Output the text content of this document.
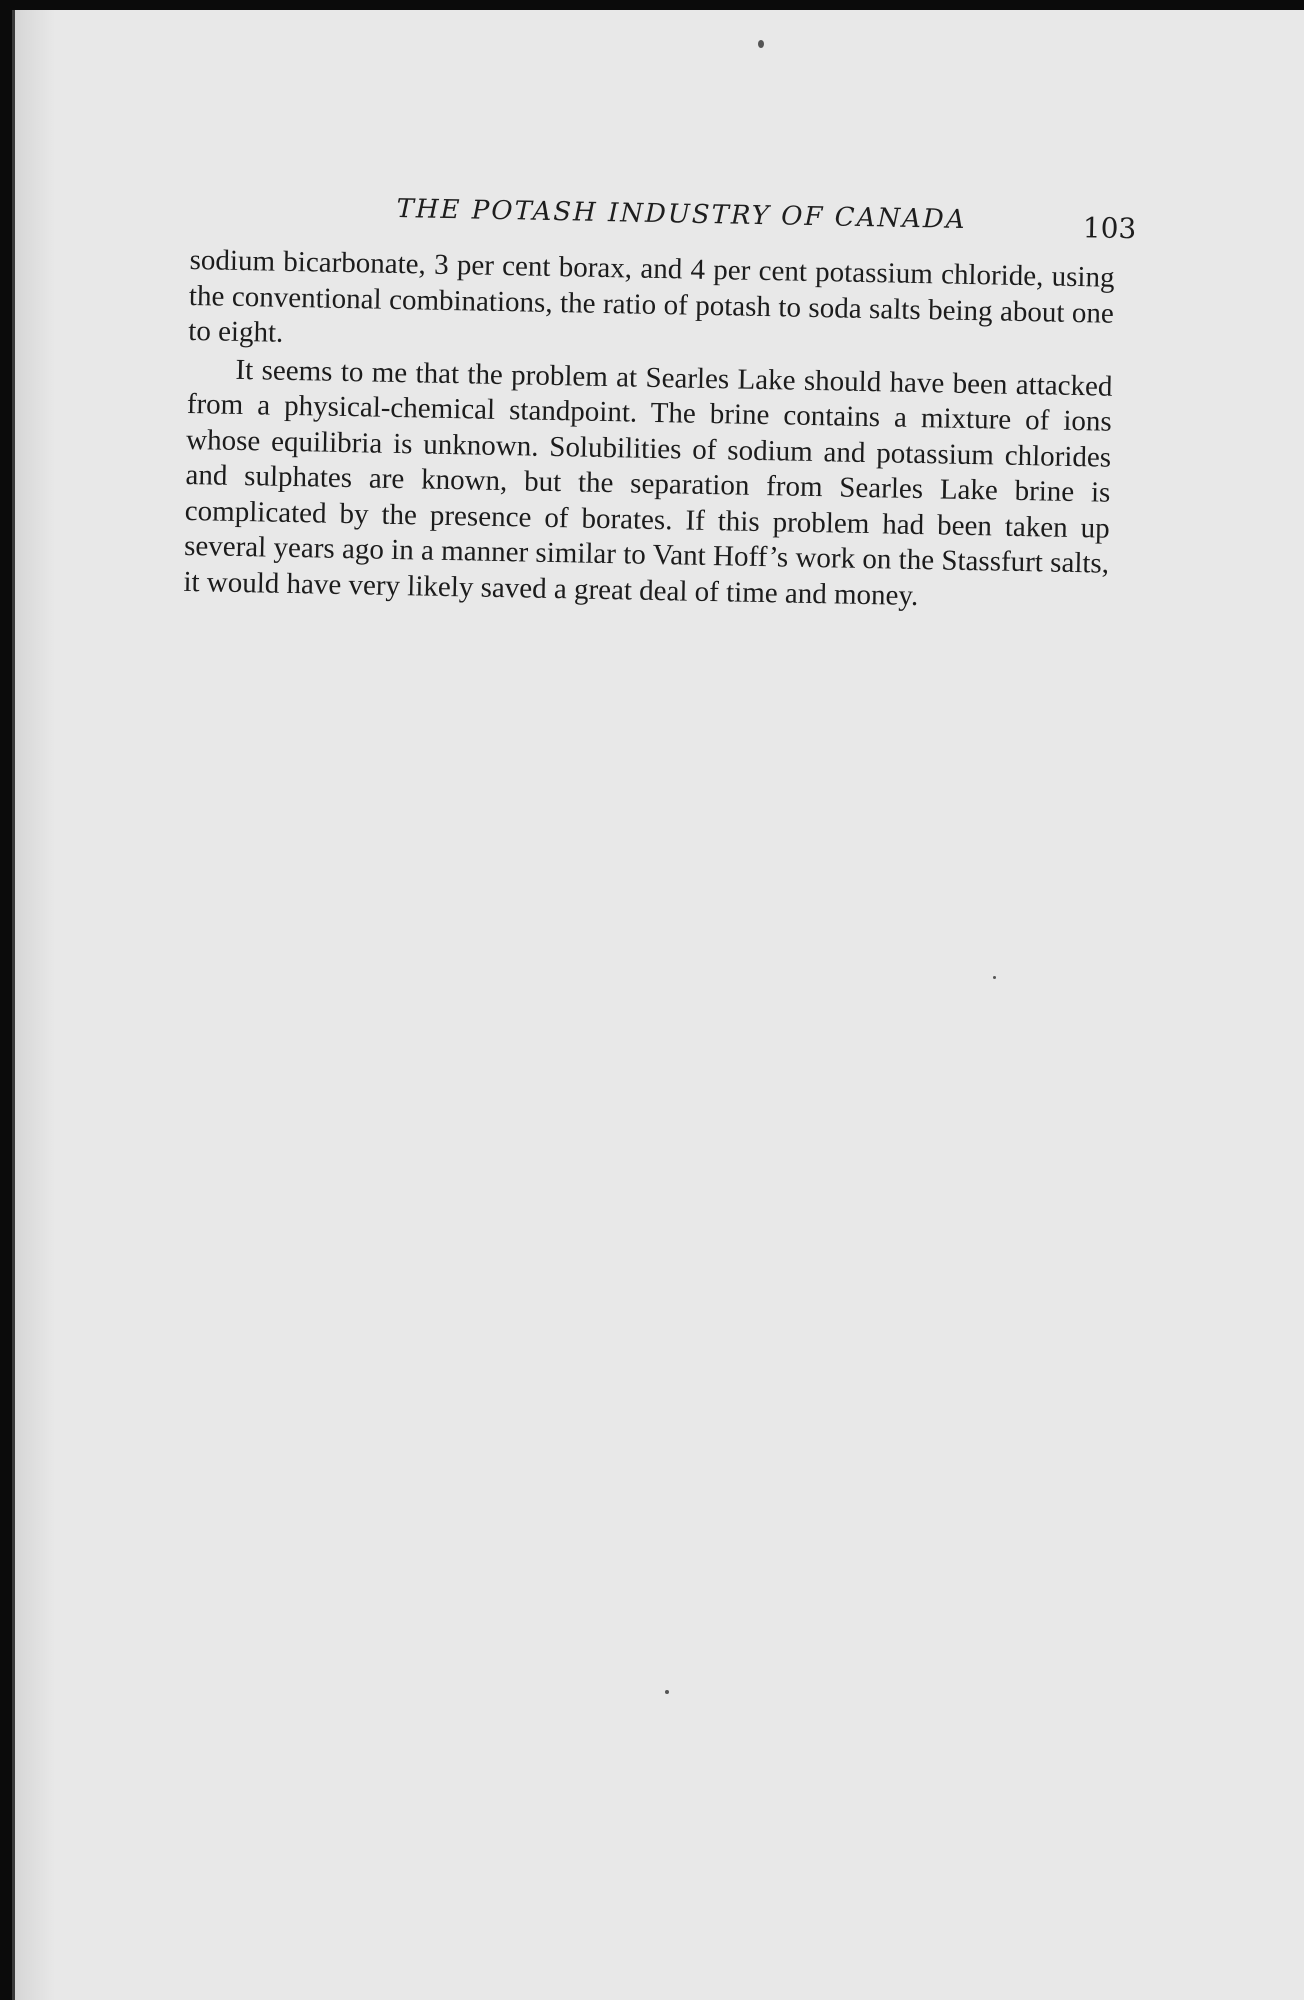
THE POTASH INDUSTRY OF CANADA	103

sodium bicarbonate, 3 per cent borax, and 4 per cent potassium chloride, using the conventional combinations, the ratio of potash to soda salts being about one to eight.

It seems to me that the problem at Searles Lake should have been attacked from a physical-chemical standpoint. The brine contains a mixture of ions whose equilibria is unknown. Solubilities of sodium and potassium chlorides and sulphates are known, but the separation from Searles Lake brine is complicated by the presence of borates. If this problem had been taken up several years ago in a manner similar to Vant Hoff’s work on the Stassfurt salts, it would have very likely saved a great deal of time and money.
